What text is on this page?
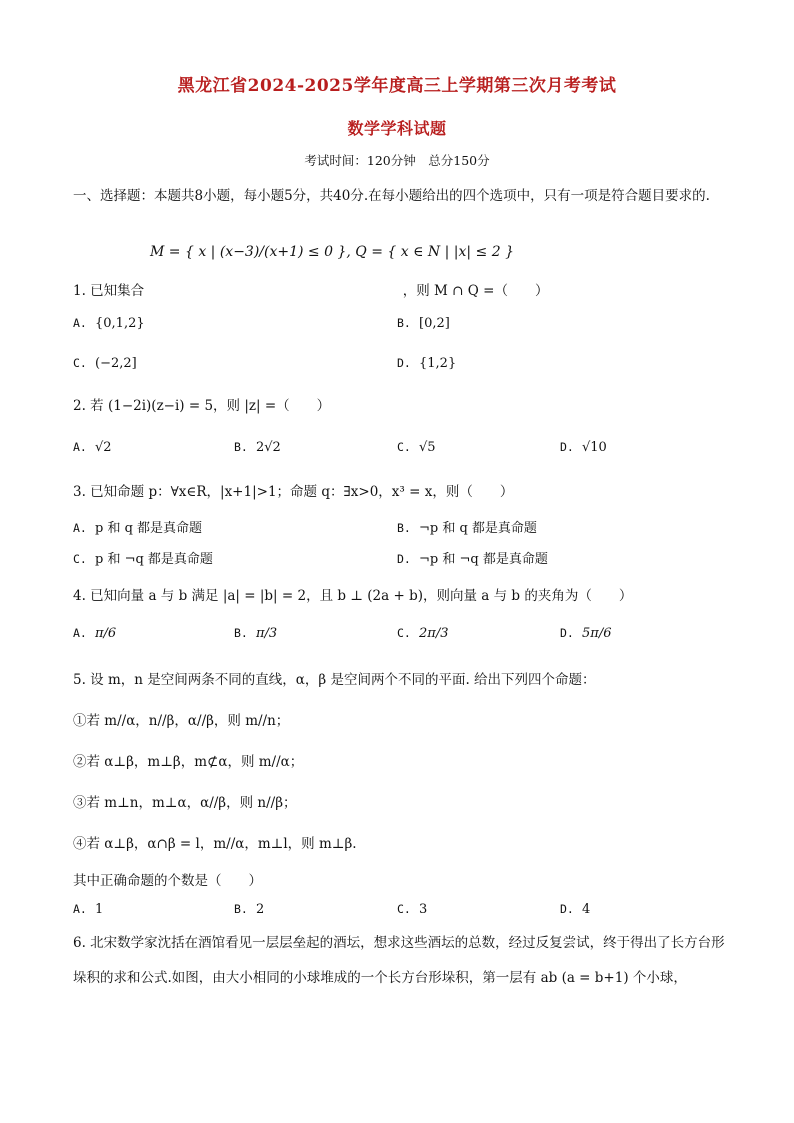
黑龙江省2024-2025学年度高三上学期第三次月考考试
数学学科试题
考试时间：120分钟　总分150分
一、选择题：本题共8小题，每小题5分，共40分.在每小题给出的四个选项中，只有一项是符合题目要求的.
M = { x | (x−3)/(x+1) ≤ 0 }, Q = { x ∈ N | |x| ≤ 2 }
1. 已知集合	，则 M ∩ Q =（　　）
A. {0,1,2}	B. [0,2]
C. (−2,2]	D. {1,2}
2. 若 (1−2i)(z−i) = 5，则 |z| =（　　）
A. √2	B. 2√2	C. √5	D. √10
3. 已知命题 p：∀x∈R，|x+1|>1；命题 q：∃x>0，x³ = x，则（　　）
A. p 和 q 都是真命题	B. ¬p 和 q 都是真命题
C. p 和 ¬q 都是真命题	D. ¬p 和 ¬q 都是真命题
4. 已知向量 a 与 b 满足 |a| = |b| = 2，且 b ⊥ (2a + b)，则向量 a 与 b 的夹角为（　　）
A. π/6	B. π/3	C. 2π/3	D. 5π/6
5. 设 m，n 是空间两条不同的直线，α，β 是空间两个不同的平面. 给出下列四个命题：
①若 m//α，n//β，α//β，则 m//n；
②若 α⊥β，m⊥β，m⊄α，则 m//α；
③若 m⊥n，m⊥α，α//β，则 n//β；
④若 α⊥β，α∩β = l，m//α，m⊥l，则 m⊥β.
其中正确命题的个数是（　　）
A. 1	B. 2	C. 3	D. 4
6. 北宋数学家沈括在酒馆看见一层层垒起的酒坛，想求这些酒坛的总数，经过反复尝试，终于得出了长方台形垛积的求和公式.如图，由大小相同的小球堆成的一个长方台形垛积，第一层有 ab (a = b+1) 个小球，
